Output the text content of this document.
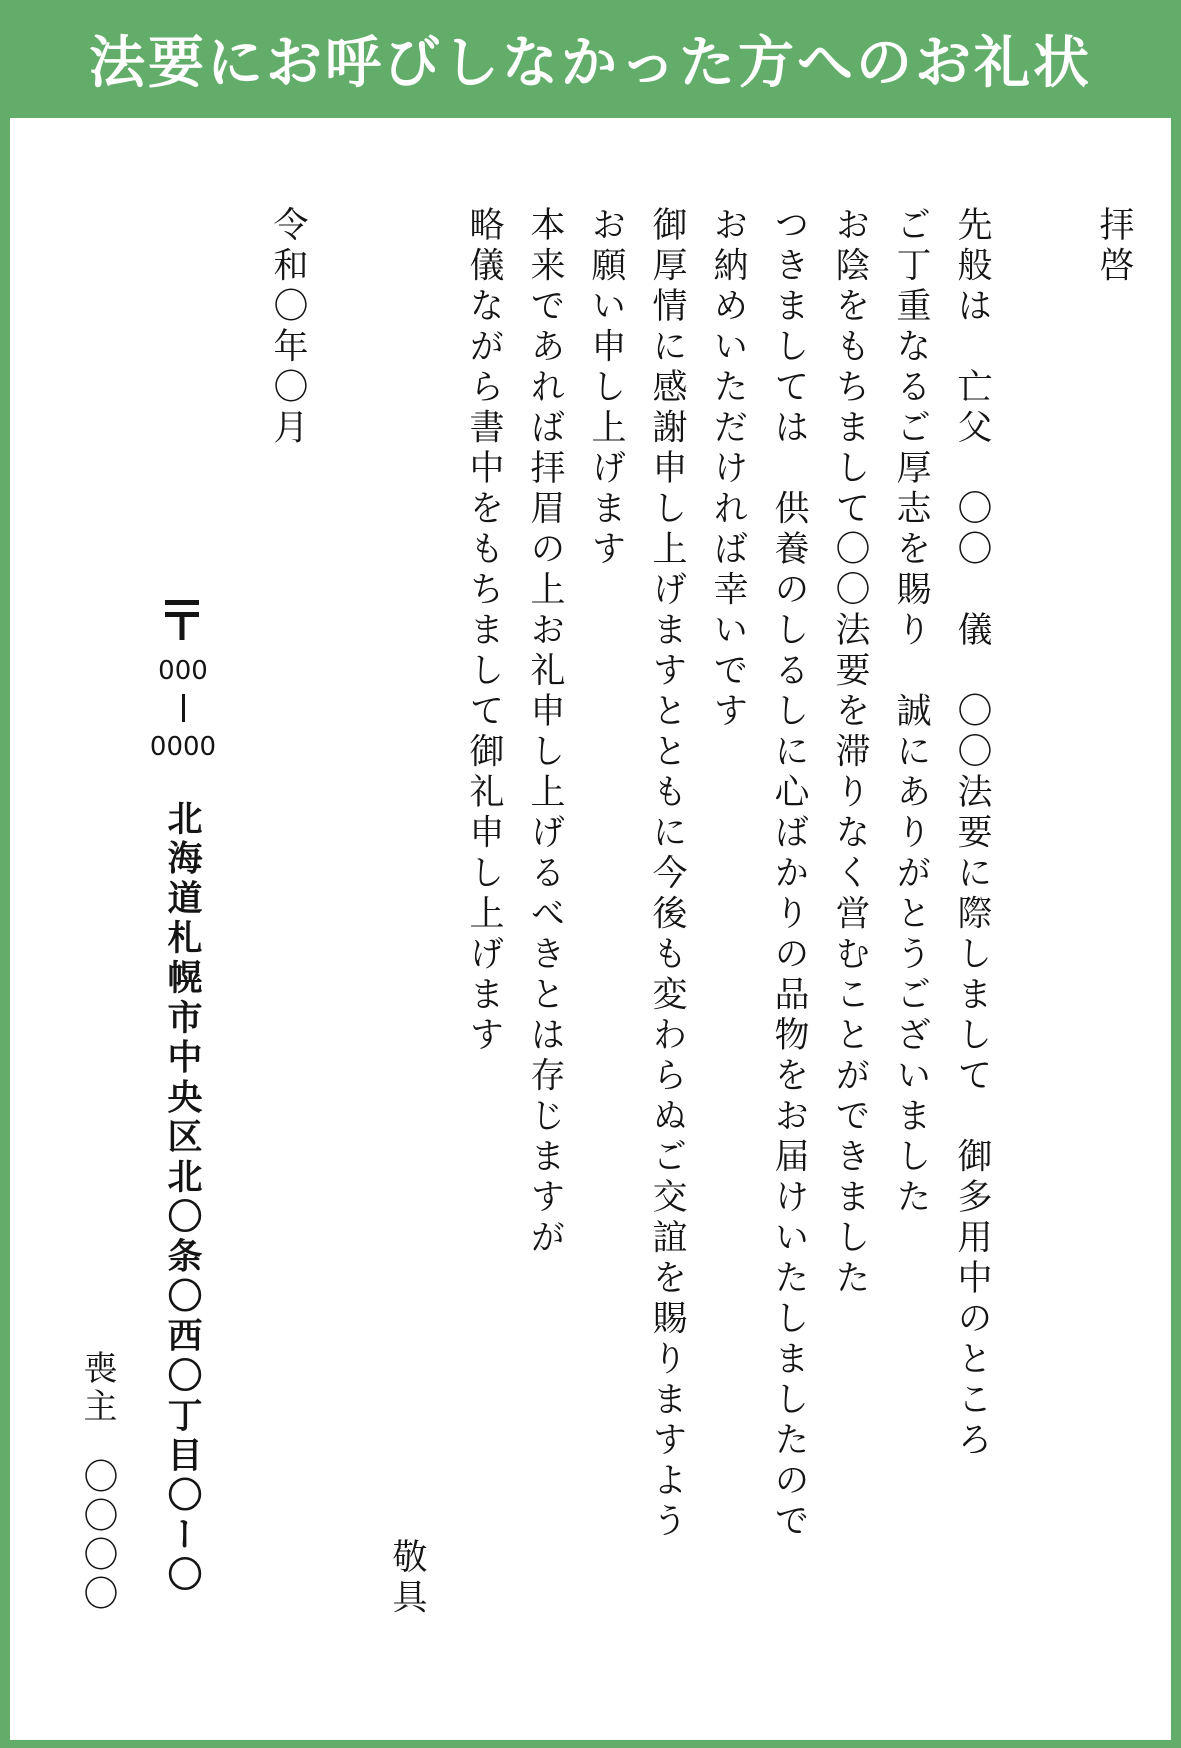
法要にお呼びしなかった方へのお礼状
拝啓
先般は　亡父　〇〇　儀　〇〇法要に際しまして　御多用中のところ
ご丁重なるご厚志を賜り　誠にありがとうございました
お陰をもちまして〇〇法要を滞りなく営むことができました
つきましては　供養のしるしに心ばかりの品物をお届けいたしましたので
お納めいただければ幸いです
御厚情に感謝申し上げますとともに今後も変わらぬご交誼を賜りますよう
お願い申し上げます
本来であれば拝眉の上お礼申し上げるべきとは存じますが
略儀ながら書中をもちまして御礼申し上げます
敬具
令和〇年〇月
000
0000
北海道札幌市中央区北〇条〇西〇丁目〇ー〇
喪主
〇〇〇〇
